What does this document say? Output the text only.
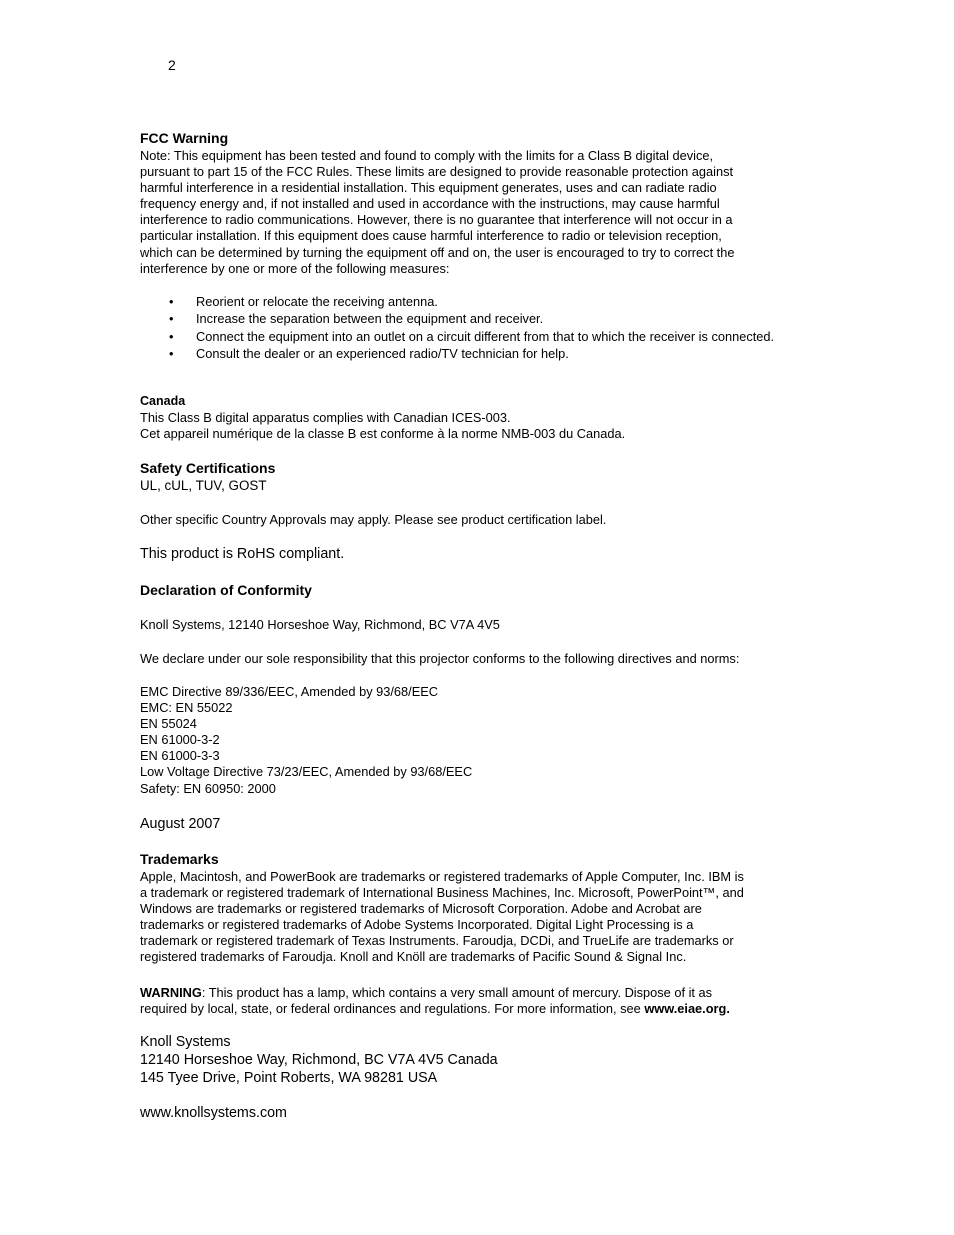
2
FCC Warning
Note: This equipment has been tested and found to comply with the limits for a Class B digital device,
pursuant to part 15 of the FCC Rules. These limits are designed to provide reasonable protection against
harmful interference in a residential installation. This equipment generates, uses and can radiate radio
frequency energy and, if not installed and used in accordance with the instructions, may cause harmful
interference to radio communications. However, there is no guarantee that interference will not occur in a
particular installation. If this equipment does cause harmful interference to radio or television reception,
which can be determined by turning the equipment off and on, the user is encouraged to try to correct the
interference by one or more of the following measures:
• Reorient or relocate the receiving antenna.
• Increase the separation between the equipment and receiver.
• Connect the equipment into an outlet on a circuit different from that to which the receiver is connected.
• Consult the dealer or an experienced radio/TV technician for help.
Canada
This Class B digital apparatus complies with Canadian ICES-003.
Cet appareil numérique de la classe B est conforme à la norme NMB-003 du Canada.
Safety Certifications
UL, cUL, TUV, GOST
Other specific Country Approvals may apply. Please see product certification label.
This product is RoHS compliant.
Declaration of Conformity
Knoll Systems, 12140 Horseshoe Way, Richmond, BC V7A 4V5
We declare under our sole responsibility that this projector conforms to the following directives and norms:
EMC Directive 89/336/EEC, Amended by 93/68/EEC
EMC: EN 55022
EN 55024
EN 61000-3-2
EN 61000-3-3
Low Voltage Directive 73/23/EEC, Amended by 93/68/EEC
Safety: EN 60950: 2000
August 2007
Trademarks
Apple, Macintosh, and PowerBook are trademarks or registered trademarks of Apple Computer, Inc. IBM is
a trademark or registered trademark of International Business Machines, Inc. Microsoft, PowerPoint™, and
Windows are trademarks or registered trademarks of Microsoft Corporation. Adobe and Acrobat are
trademarks or registered trademarks of Adobe Systems Incorporated. Digital Light Processing is a
trademark or registered trademark of Texas Instruments. Faroudja, DCDi, and TrueLife are trademarks or
registered trademarks of Faroudja. Knoll and Knöll are trademarks of Pacific Sound & Signal Inc.
WARNING: This product has a lamp, which contains a very small amount of mercury. Dispose of it as
required by local, state, or federal ordinances and regulations. For more information, see www.eiae.org.
Knoll Systems
12140 Horseshoe Way, Richmond, BC V7A 4V5 Canada
145 Tyee Drive, Point Roberts, WA 98281 USA
www.knollsystems.com
